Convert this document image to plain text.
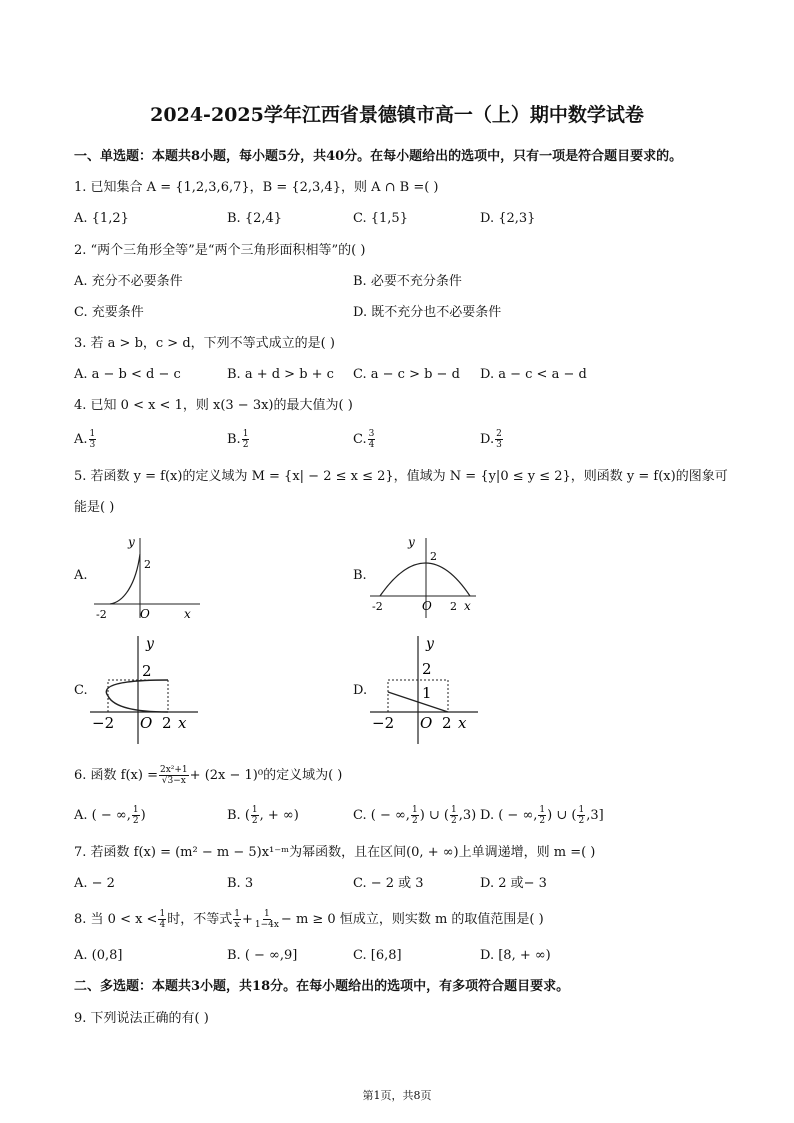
2024-2025学年江西省景德镇市高一（上）期中数学试卷
一、单选题：本题共8小题，每小题5分，共40分。在每小题给出的选项中，只有一项是符合题目要求的。
1. 已知集合 A = {1,2,3,6,7}，B = {2,3,4}，则 A ∩ B =( )
A. {1,2}	B. {2,4}	C. {1,5}	D. {2,3}
2. “两个三角形全等”是“两个三角形面积相等”的( )
A. 充分不必要条件	B. 必要不充分条件
C. 充要条件	D. 既不充分也不必要条件
3. 若 a > b，c > d，下列不等式成立的是( )
A. a − b < d − c	B. a + d > b + c C. a − c > b − d D. a − c < a − d
4. 已知 0 < x < 1，则 x(3 − 3x)的最大值为( )
A. $\frac{1}{3}$	B. $\frac{1}{2}$	C. $\frac{3}{4}$	D. $\frac{2}{3}$
5. 若函数 y = f(x)的定义域为 M = {x| − 2 ≤ x ≤ 2}，值域为 N = {y|0 ≤ y ≤ 2}，则函数 y = f(x)的图象可
能是( )
A.
y
2
-2	O	x
B.
y
2
-2	O 2 x
C.
y
2
−2 O 2 x
D.
y
2
1
−2 O 2 x
6. 函数 $f(x) = \frac{\text{2x²+1}}{√3-x} + (2x - 1)^0$的定义域为( )
A. ( − ∞, $\frac{1}{2}$ )	B. ( $\frac{1}{2}$ , + ∞)	C. ( − ∞, $\frac{1}{2}$ ) ∪ ( $\frac{1}{2} ,3$) D. ( − ∞, $\frac{1}{2}$ ) ∪ ( $\frac{1}{2} ,3$]
7. 若函数 f(x) = (m² − m − 5)x¹⁻ᵐ为幂函数，且在区间(0, + ∞)上单调递增，则 m =( )
A. − 2	B. 3	C. − 2 或 3	D. 2 或− 3
8. 当 $0 < x < \frac{1}{4}$ 时，不等式 $\frac{1}{x} + \frac{1}{1-4x} - m \ge 0$ 恒成立，则实数 m 的取值范围是( )
A. (0,8]	B. ( − ∞,9]	C. [6,8]	D. [8, + ∞)
二、多选题：本题共3小题，共18分。在每小题给出的选项中，有多项符合题目要求。
9. 下列说法正确的有( )
第1页，共8页
